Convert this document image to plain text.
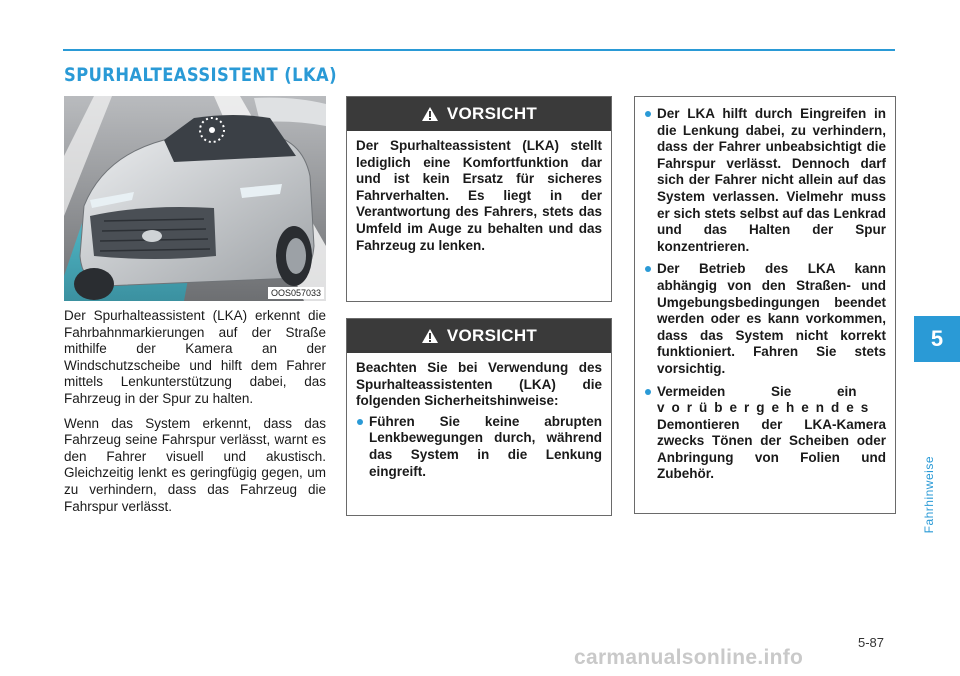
SPURHALTEASSISTENT (LKA)
OOS057033

Der Spurhalteassistent (LKA) erkennt die Fahrbahnmarkierungen auf der Straße mithilfe der Kamera an der Windschutzscheibe und hilft dem Fahrer mittels Lenkunterstützung dabei, das Fahrzeug in der Spur zu halten.

Wenn das System erkennt, dass das Fahrzeug seine Fahrspur verlässt, warnt es den Fahrer visuell und akustisch. Gleichzeitig lenkt es geringfügig gegen, um zu verhindern, dass das Fahrzeug die Fahrspur verlässt.

VORSICHT

Der Spurhalteassistent (LKA) stellt lediglich eine Komfortfunktion dar und ist kein Ersatz für sicheres Fahrverhalten. Es liegt in der Verantwortung des Fahrers, stets das Umfeld im Auge zu behalten und das Fahrzeug zu lenken.

VORSICHT

Beachten Sie bei Verwendung des Spurhalteassistenten (LKA) die folgenden Sicherheitshinweise:

Führen Sie keine abrupten Lenkbewegungen durch, während das System in die Lenkung eingreift.
Der LKA hilft durch Eingreifen in die Lenkung dabei, zu verhindern, dass der Fahrer unbeabsichtigt die Fahrspur verlässt. Dennoch darf sich der Fahrer nicht allein auf das System verlassen. Vielmehr muss er sich stets selbst auf das Lenkrad und das Halten der Spur konzentrieren.
Der Betrieb des LKA kann abhängig von den Straßen- und Umgebungsbedingungen beendet werden oder es kann vorkommen, dass das System nicht korrekt funktioniert. Fahren Sie stets vorsichtig.
Vermeiden Sie ein
vorübergehendes
Demontieren der LKA-Kamera zwecks Tönen der Scheiben oder Anbringung von Folien und Zubehör.
5
Fahrhinweise
5-87
carmanualsonline.info
